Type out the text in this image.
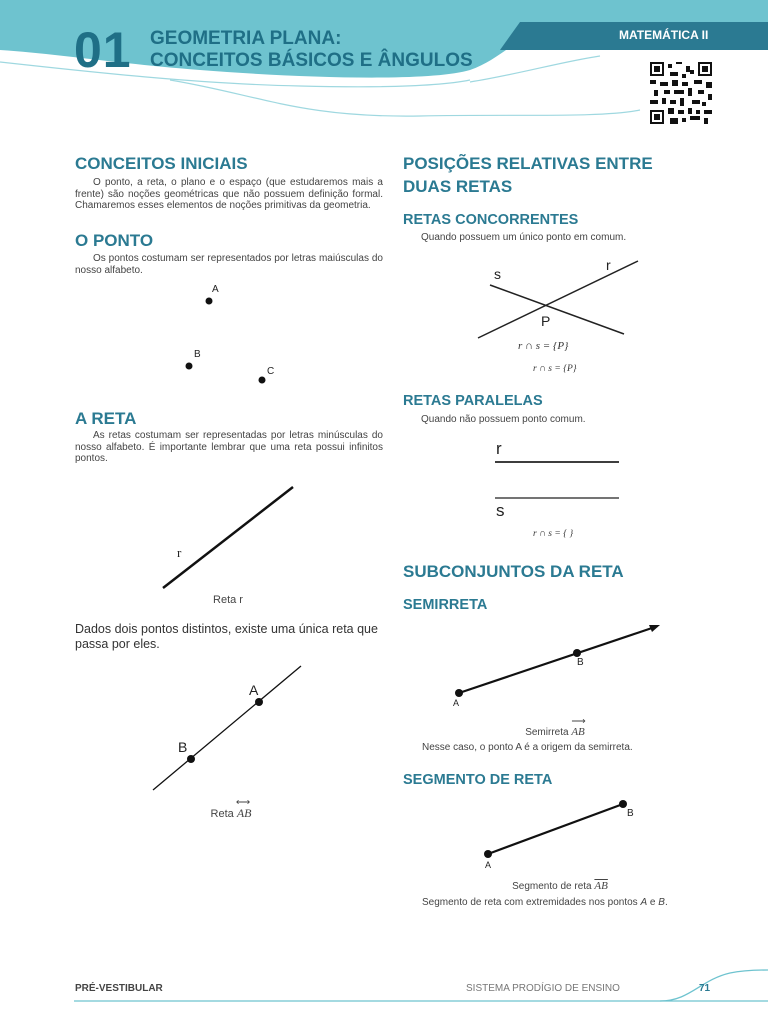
01 GEOMETRIA PLANA:
CONCEITOS BÁSICOS E ÂNGULOS
MATEMÁTICA II
CONCEITOS INICIAIS
O ponto, a reta, o plano e o espaço (que estudaremos mais a frente) são noções geométricas que não possuem definição formal. Chamaremos esses elementos de noções primitivas da geometria.
O PONTO
Os pontos costumam ser representados por letras maiúsculas do nosso alfabeto.
A
B
C
A RETA
As retas costumam ser representadas por letras minúsculas do nosso alfabeto. É importante lembrar que uma reta possui infinitos pontos.
r
Reta r
Dados dois pontos distintos, existe uma única reta que passa por eles.
A
B
Reta
⟷
AB
POSIÇÕES RELATIVAS ENTRE
DUAS RETAS
RETAS CONCORRENTES
Quando possuem um único ponto em comum.
s
r
P
r ∩ s = {P}
r ∩ s = {P}
RETAS PARALELAS
Quando não possuem ponto comum.
r
s
r ∩ s = { }
SUBCONJUNTOS DA RETA
SEMIRRETA
A
B
Semirreta
⟶
AB
Nesse caso, o ponto A é a origem da semirreta.
SEGMENTO DE RETA
A
B
Segmento de reta $\overline{AB}$
Segmento de reta com extremidades nos pontos A e B.
PRÉ-VESTIBULAR	SISTEMA PRODÍGIO DE ENSINO	71
